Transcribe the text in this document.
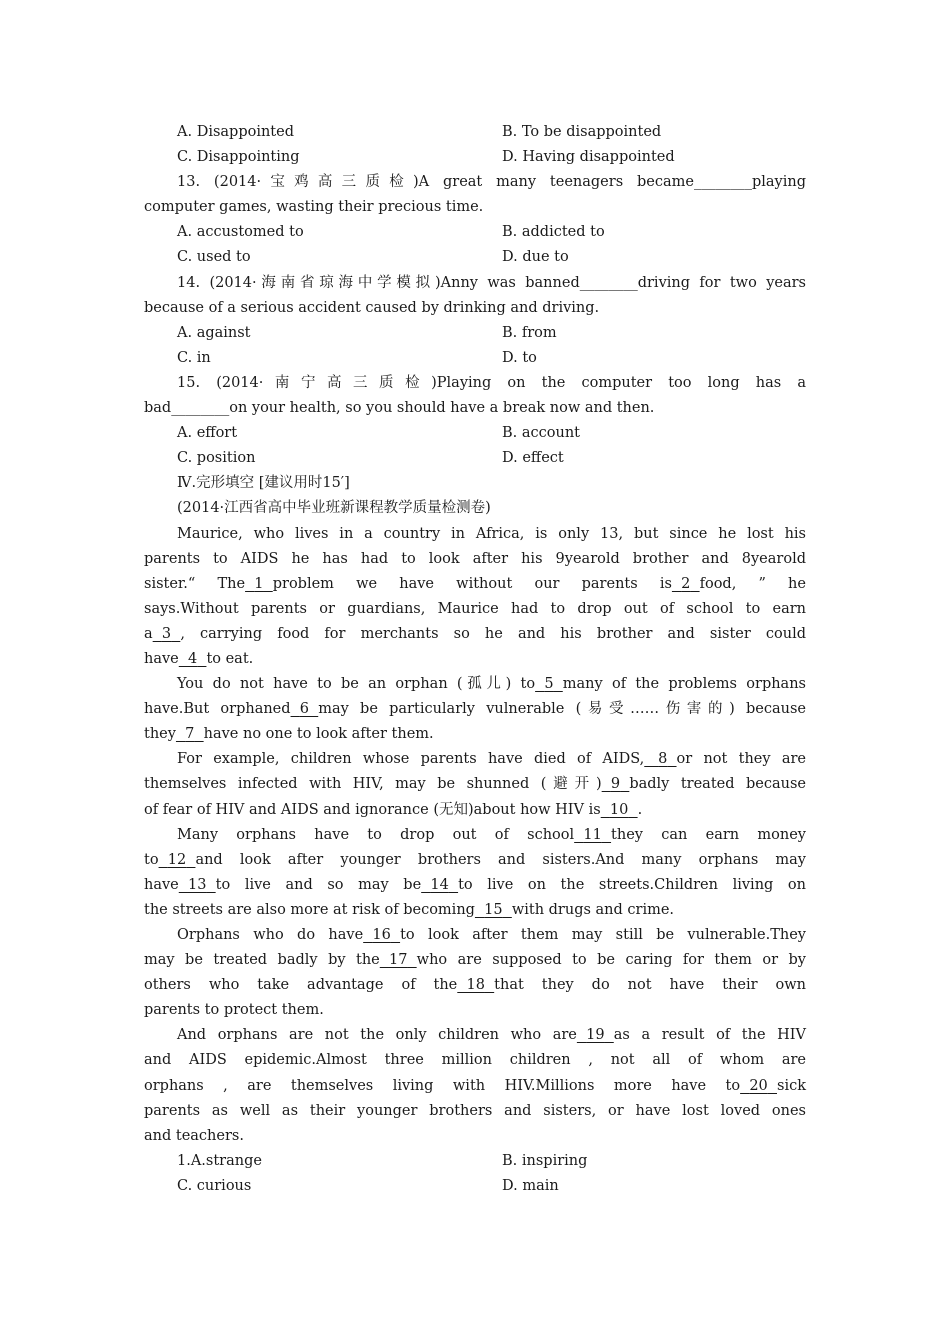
A. Disappointed	B. To be disappointed
C. Disappointing	D. Having disappointed
13. (2014·宝鸡高三质检)A great many teenagers became________playing
computer games, wasting their precious time.
A. accustomed to	B. addicted to
C. used to	D. due to
14. (2014·海南省琼海中学模拟)Anny was banned________driving for two years
because of a serious accident caused by drinking and driving.
A. against	B. from
C. in	D. to
15. (2014·南宁高三质检)Playing on the computer too long has a
bad________on your health, so you should have a break now and then.
A. effort	B. account
C. position	D. effect
Ⅳ.完形填空 [建议用时15′]
(2014·江西省高中毕业班新课程教学质量检测卷)
Maurice, who lives in a country in Africa, is only 13, but since he lost his
parents to AIDS he has had to look after his 9yearold brother and 8yearold
sister.“ The 1 problem we have without our parents is 2 food, ” he
says.Without parents or guardians, Maurice had to drop out of school to earn
a 3 , carrying food for merchants so he and his brother and sister could
have 4 to eat.
You do not have to be an orphan (孤儿) to 5 many of the problems orphans
have.But orphaned 6 may be particularly vulnerable (易受……伤害的) because
they 7 have no one to look after them.
For example, children whose parents have died of AIDS, 8 or not they are
themselves infected with HIV, may be shunned (避开) 9 badly treated because
of fear of HIV and AIDS and ignorance (无知)about how HIV is 10 .
Many orphans have to drop out of school 11 they can earn money
to 12 and look after younger brothers and sisters.And many orphans may
have 13 to live and so may be 14 to live on the streets.Children living on
the streets are also more at risk of becoming 15 with drugs and crime.
Orphans who do have 16 to look after them may still be vulnerable.They
may be treated badly by the 17 who are supposed to be caring for them or by
others who take advantage of the 18 that they do not have their own
parents to protect them.
And orphans are not the only children who are 19 as a result of the HIV
and AIDS epidemic.Almost three million children , not all of whom are
orphans , are themselves living with HIV.Millions more have to 20 sick
parents as well as their younger brothers and sisters, or have lost loved ones
and teachers.
1.A.strange	B. inspiring
C. curious	D. main
